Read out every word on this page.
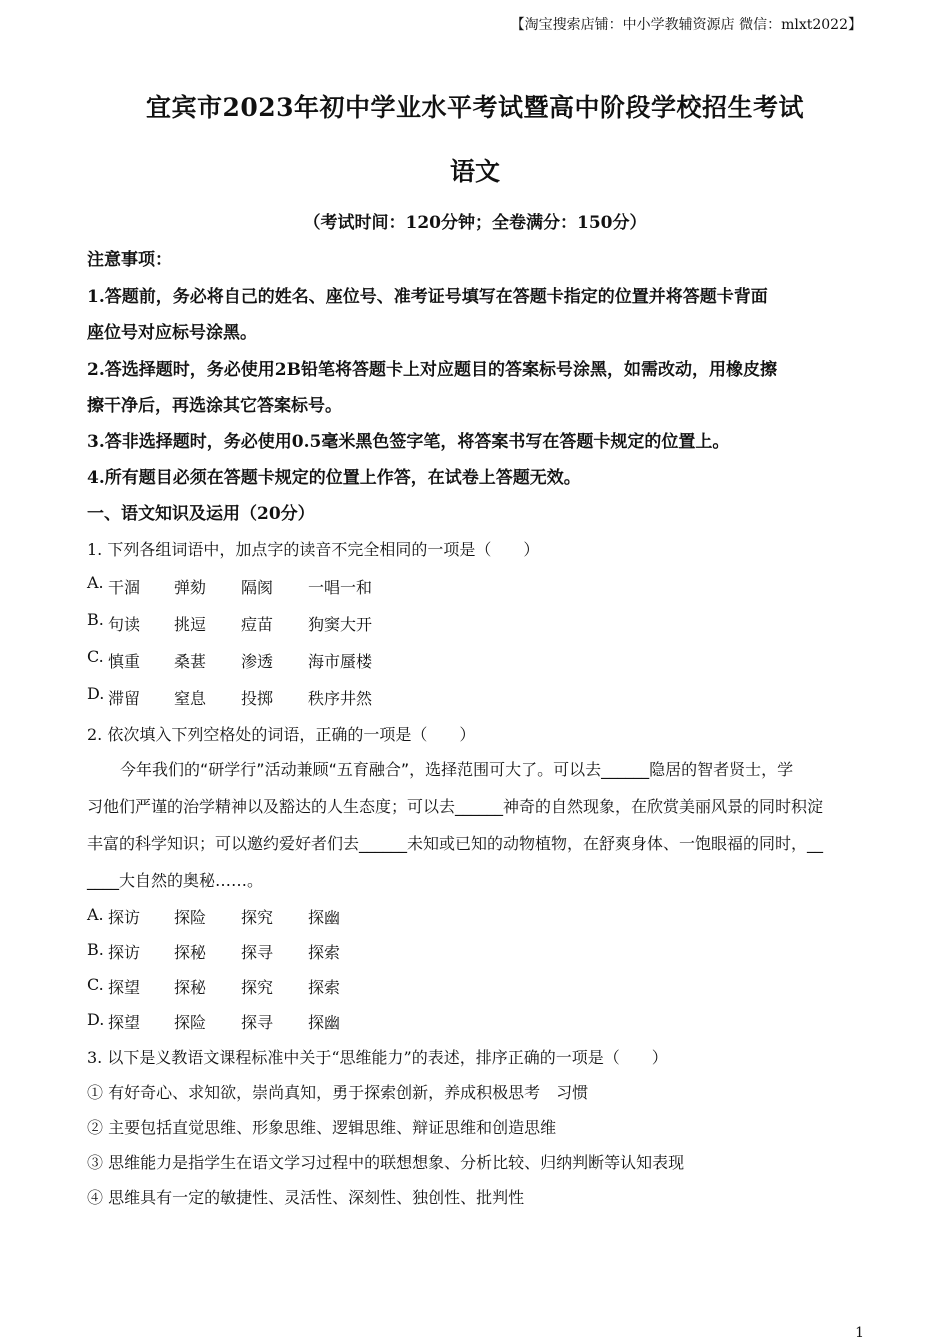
【淘宝搜索店铺：中小学教辅资源店 微信：mlxt2022】
宜宾市2023年初中学业水平考试暨高中阶段学校招生考试
语文
（考试时间：120分钟；全卷满分：150分）
注意事项：
1.答题前，务必将自己的姓名、座位号、准考证号填写在答题卡指定的位置并将答题卡背面
座位号对应标号涂黑。
2.答选择题时，务必使用2B铅笔将答题卡上对应题目的答案标号涂黑，如需改动，用橡皮擦
擦干净后，再选涂其它答案标号。
3.答非选择题时，务必使用0.5毫米黑色签字笔，将答案书写在答题卡规定的位置上。
4.所有题目必须在答题卡规定的位置上作答，在试卷上答题无效。
一、语文知识及运用（20分）
1. 下列各组词语中，加点字的读音不完全相同的一项是（　　）
A. 干涸 弹劾 隔阂 一唱一和
B. 句读 挑逗 痘苗 狗窦大开
C. 慎重 桑葚 渗透 海市蜃楼
D. 滞留 窒息 投掷 秩序井然
2. 依次填入下列空格处的词语，正确的一项是（　　）
今年我们的“研学行”活动兼顾“五育融合”，选择范围可大了。可以去______隐居的智者贤士，学
习他们严谨的治学精神以及豁达的人生态度；可以去______神奇的自然现象，在欣赏美丽风景的同时积淀
丰富的科学知识；可以邀约爱好者们去______未知或已知的动物植物，在舒爽身体、一饱眼福的同时，__
____大自然的奥秘……。
A. 探访 探险 探究 探幽
B. 探访 探秘 探寻 探索
C. 探望 探秘 探究 探索
D. 探望 探险 探寻 探幽
3. 以下是义教语文课程标准中关于“思维能力”的表述，排序正确的一项是（　　）
① 有好奇心、求知欲，崇尚真知，勇于探索创新，养成积极思考　习惯
② 主要包括直觉思维、形象思维、逻辑思维、辩证思维和创造思维
③ 思维能力是指学生在语文学习过程中的联想想象、分析比较、归纳判断等认知表现
④ 思维具有一定的敏捷性、灵活性、深刻性、独创性、批判性
1
